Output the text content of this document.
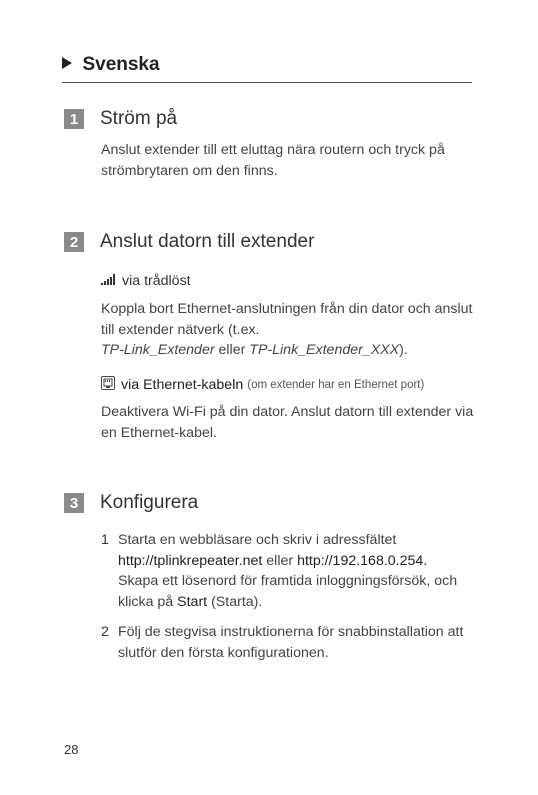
Svenska
1	Ström på
Anslut extender till ett eluttag nära routern och tryck på strömbrytaren om den finns.
2	Anslut datorn till extender
via trådlöst
Koppla bort Ethernet-anslutningen från din dator och anslut till extender nätverk (t.ex.
TP-Link_Extender eller TP-Link_Extender_XXX).
via Ethernet-kabeln (om extender har en Ethernet port)
Deaktivera Wi-Fi på din dator. Anslut datorn till extender via en Ethernet-kabel.
3	Konfigurera
1 Starta en webbläsare och skriv i adressfältet
http://tplinkrepeater.net eller http://192.168.0.254.
Skapa ett lösenord för framtida inloggningsförsök, och klicka på Start (Starta).
2 Följ de stegvisa instruktionerna för snabbinstallation att slutför den första konfigurationen.
28
